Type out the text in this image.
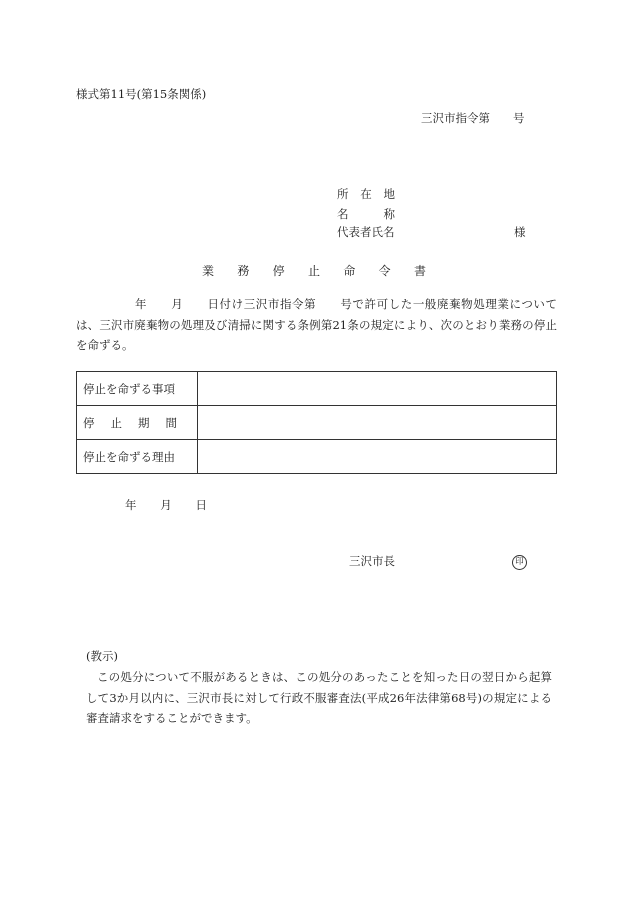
様式第11号(第15条関係)
三沢市指令第　　号
所 在 地
名	称
代表者氏名	様
業 務 停 止 命 令 書

年　　月　　日付け三沢市指令第　　号で許可した一般廃棄物処理業については、三沢市廃棄物の処理及び清掃に関する条例第21条の規定により、次のとおり業務の停止を命ずる。

停止を命ずる事項	

停 止 期 間	

停止を命ずる理由	
年 月 日
三沢市長	印
(教示)

この処分について不服があるときは、この処分のあったことを知った日の翌日から起算して3か月以内に、三沢市長に対して行政不服審査法(平成26年法律第68号)の規定による審査請求をすることができます。
